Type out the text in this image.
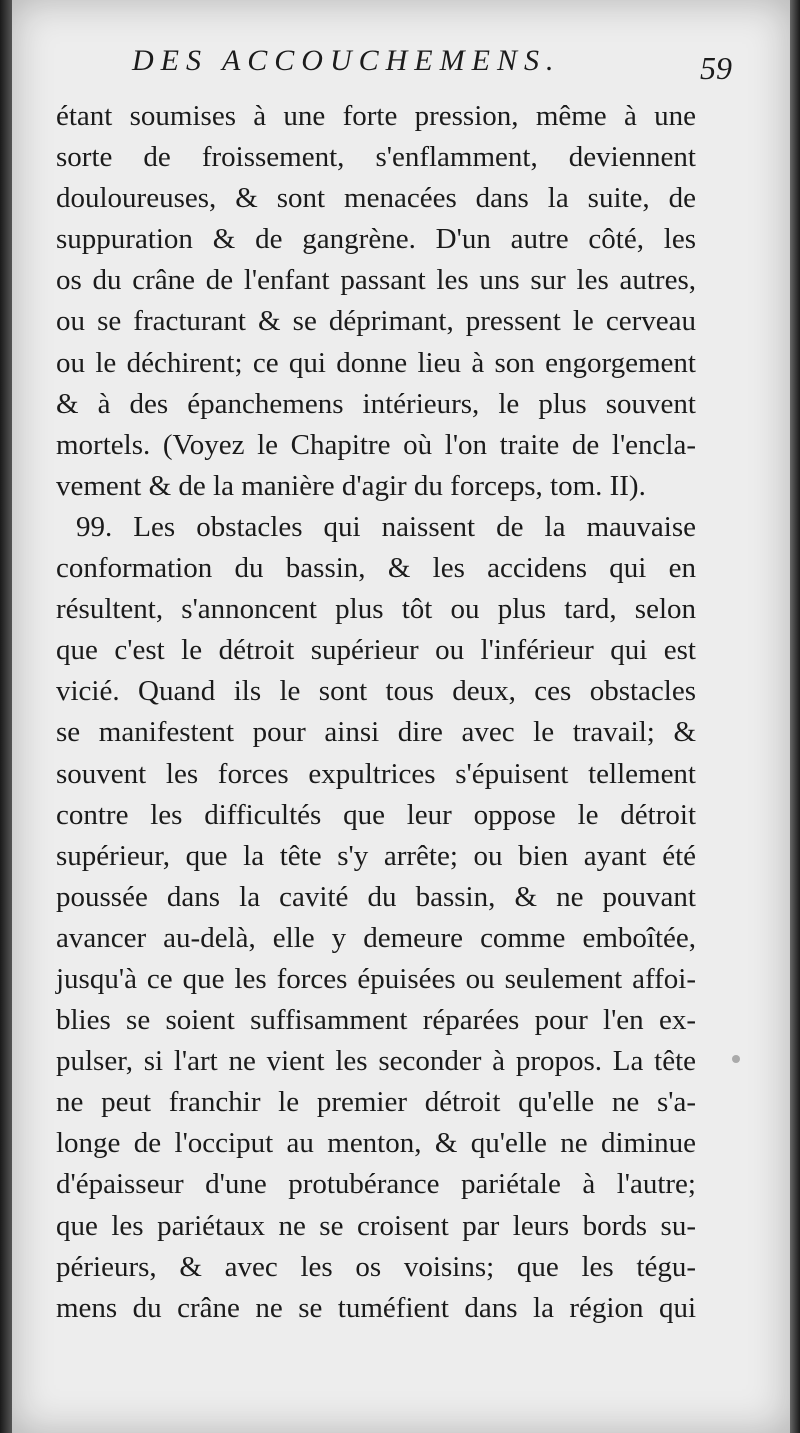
DES ACCOUCHEMENS.	59
étant soumises à une forte pression, même à une
sorte de froissement, s'enflamment, deviennent
douloureuses, & sont menacées dans la suite, de
suppuration & de gangrène. D'un autre côté, les
os du crâne de l'enfant passant les uns sur les autres,
ou se fracturant & se déprimant, pressent le cerveau
ou le déchirent; ce qui donne lieu à son engorgement
& à des épanchemens intérieurs, le plus souvent
mortels. (Voyez le Chapitre où l'on traite de l'encla-
vement & de la manière d'agir du forceps, tom. II).
99. Les obstacles qui naissent de la mauvaise
conformation du bassin, & les accidens qui en
résultent, s'annoncent plus tôt ou plus tard, selon
que c'est le détroit supérieur ou l'inférieur qui est
vicié. Quand ils le sont tous deux, ces obstacles
se manifestent pour ainsi dire avec le travail; &
souvent les forces expultrices s'épuisent tellement
contre les difficultés que leur oppose le détroit
supérieur, que la tête s'y arrête; ou bien ayant été
poussée dans la cavité du bassin, & ne pouvant
avancer au-delà, elle y demeure comme emboîtée,
jusqu'à ce que les forces épuisées ou seulement affoi-
blies se soient suffisamment réparées pour l'en ex-
pulser, si l'art ne vient les seconder à propos. La tête
ne peut franchir le premier détroit qu'elle ne s'a-
longe de l'occiput au menton, & qu'elle ne diminue
d'épaisseur d'une protubérance pariétale à l'autre;
que les pariétaux ne se croisent par leurs bords su-
périeurs, & avec les os voisins; que les tégu-
mens du crâne ne se tuméfient dans la région qui
